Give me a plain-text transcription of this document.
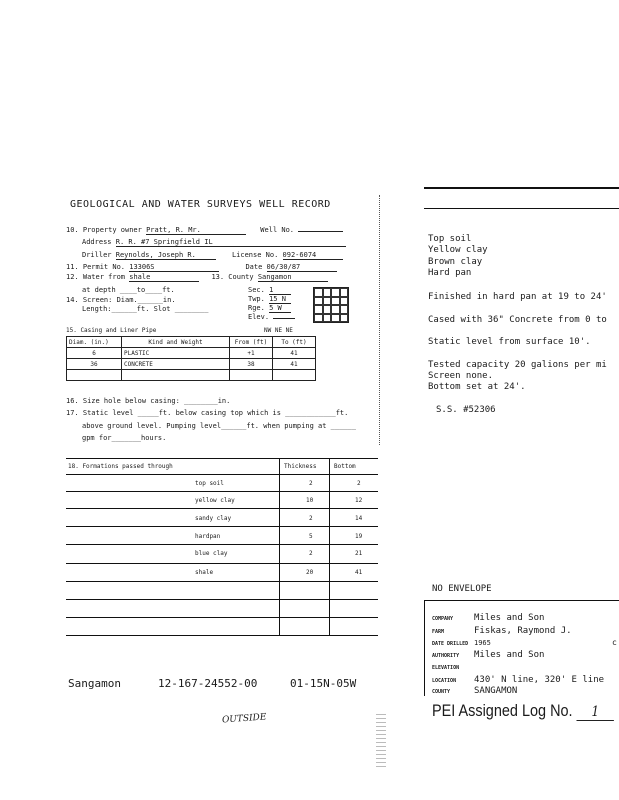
GEOLOGICAL AND WATER SURVEYS WELL RECORD
10. Property owner Pratt, R. Mr.	Well No.
Address R. R. #7 Springfield IL
Driller Reynolds, Joseph R.	License No. 092-6074
11. Permit No. 13306S	Date 06/30/87
12. Water from shale	13. County Sangamon
at depth ____to____ft.	Sec. 1
14. Screen: Diam.______in.	Twp. 15 N
Length:______ft. Slot ________	Rge. 5 W
Elev.
15. Casing and Liner Pipe	NW NE NE
Diam. (in.)	Kind and Weight	From (ft)	To (ft)
6	PLASTIC	+1	41
36	CONCRETE	38	41

16. Size hole below casing: ________in.
17. Static level _____ft. below casing top which is ____________ft.
above ground level. Pumping level______ft. when pumping at ______
gpm for_______hours.
18. Formations passed through	Thickness	Bottom
top soil	2	2
yellow clay	10	12
sandy clay	2	14
hardpan	5	19
blue clay	2	21
shale	20	41
Sangamon	12-167-24552-00	01-15N-05W
OUTSIDE
Top soil
Yellow clay
Brown clay
Hard pan
Finished in hard pan at 19 to 24'
Cased with 36" Concrete from 0 to
Static level from surface 10'.
Tested capacity 20 galions per mi
Screen none.
Bottom set at 24'.
S.S. #52306
NO ENVELOPE
COMPANY Miles and Son
FARM	Fiskas, Raymond J.
DATE DRILLED 1965	c
AUTHORITY Miles and Son
ELEVATION
LOCATION 430' N line, 320' E line
COUNTY	SANGAMON
PEI Assigned Log No. 1
